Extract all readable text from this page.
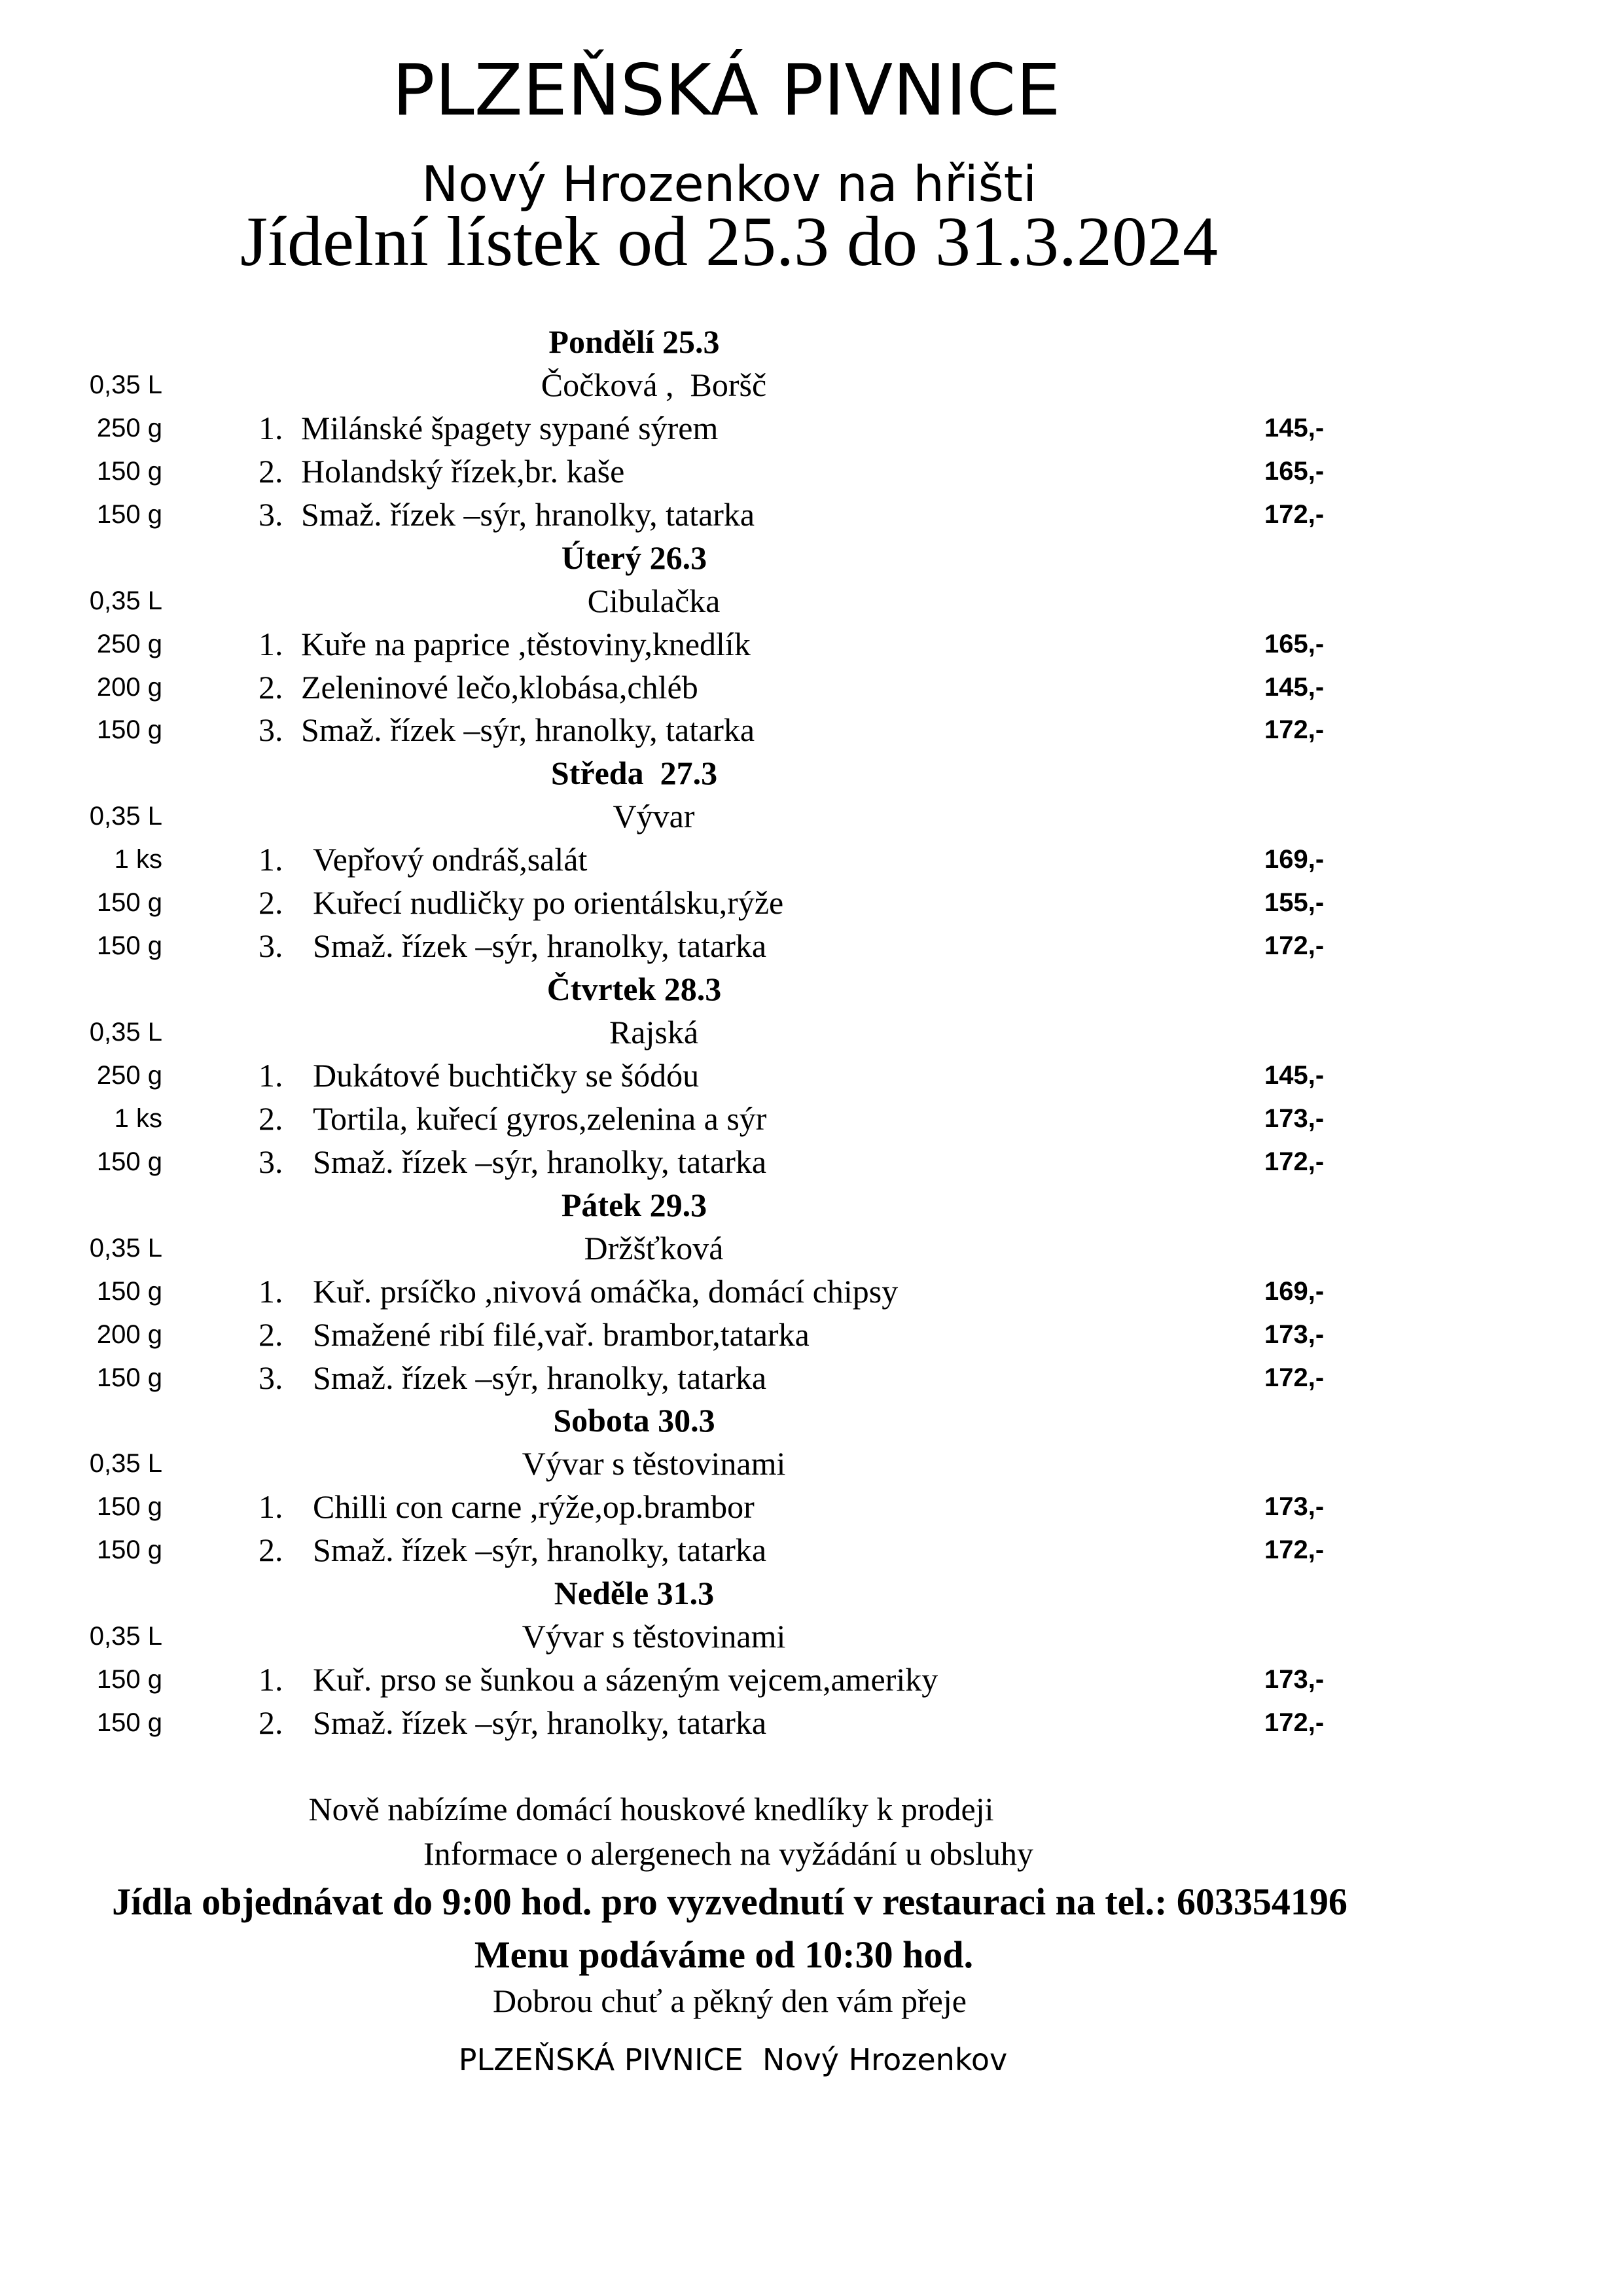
PLZEŇSKÁ PIVNICE
Nový Hrozenkov na hřišti
Jídelní lístek od 25.3 do 31.3.2024
Pondělí 25.3
0,35 L	Čočková ,  Boršč
250 g	1. Milánské špagety sypané sýrem	145,-
150 g	2. Holandský řízek,br. kaše	165,-
150 g	3. Smaž. řízek –sýr, hranolky, tatarka	172,-
Úterý 26.3
0,35 L	Cibulačka
250 g	1. Kuře na paprice ,těstoviny,knedlík	165,-
200 g	2. Zeleninové lečo,klobása,chléb	145,-
150 g	3. Smaž. řízek –sýr, hranolky, tatarka	172,-
Středa  27.3
0,35 L	Vývar
1 ks	1. Vepřový ondráš,salát	169,-
150 g	2. Kuřecí nudličky po orientálsku,rýže	155,-
150 g	3. Smaž. řízek –sýr, hranolky, tatarka	172,-
Čtvrtek 28.3
0,35 L	Rajská
250 g	1. Dukátové buchtičky se šódóu	145,-
1 ks	2. Tortila, kuřecí gyros,zelenina a sýr	173,-
150 g	3. Smaž. řízek –sýr, hranolky, tatarka	172,-
Pátek 29.3
0,35 L	Držšťková
150 g	1. Kuř. prsíčko ,nivová omáčka, domácí chipsy	169,-
200 g	2. Smažené ribí filé,vař. brambor,tatarka	173,-
150 g	3. Smaž. řízek –sýr, hranolky, tatarka	172,-
Sobota 30.3
0,35 L	Vývar s těstovinami
150 g	1. Chilli con carne ,rýže,op.brambor	173,-
150 g	2. Smaž. řízek –sýr, hranolky, tatarka	172,-
Neděle 31.3
0,35 L	Vývar s těstovinami
150 g	1. Kuř. prso se šunkou a sázeným vejcem,ameriky	173,-
150 g	2. Smaž. řízek –sýr, hranolky, tatarka	172,-
Nově nabízíme domácí houskové knedlíky k prodeji
Informace o alergenech na vyžádání u obsluhy
Jídla objednávat do 9:00 hod. pro vyzvednutí v restauraci na tel.: 603354196
Menu podáváme od 10:30 hod.
Dobrou chuť a pěkný den vám přeje
PLZEŇSKÁ PIVNICE  Nový Hrozenkov
